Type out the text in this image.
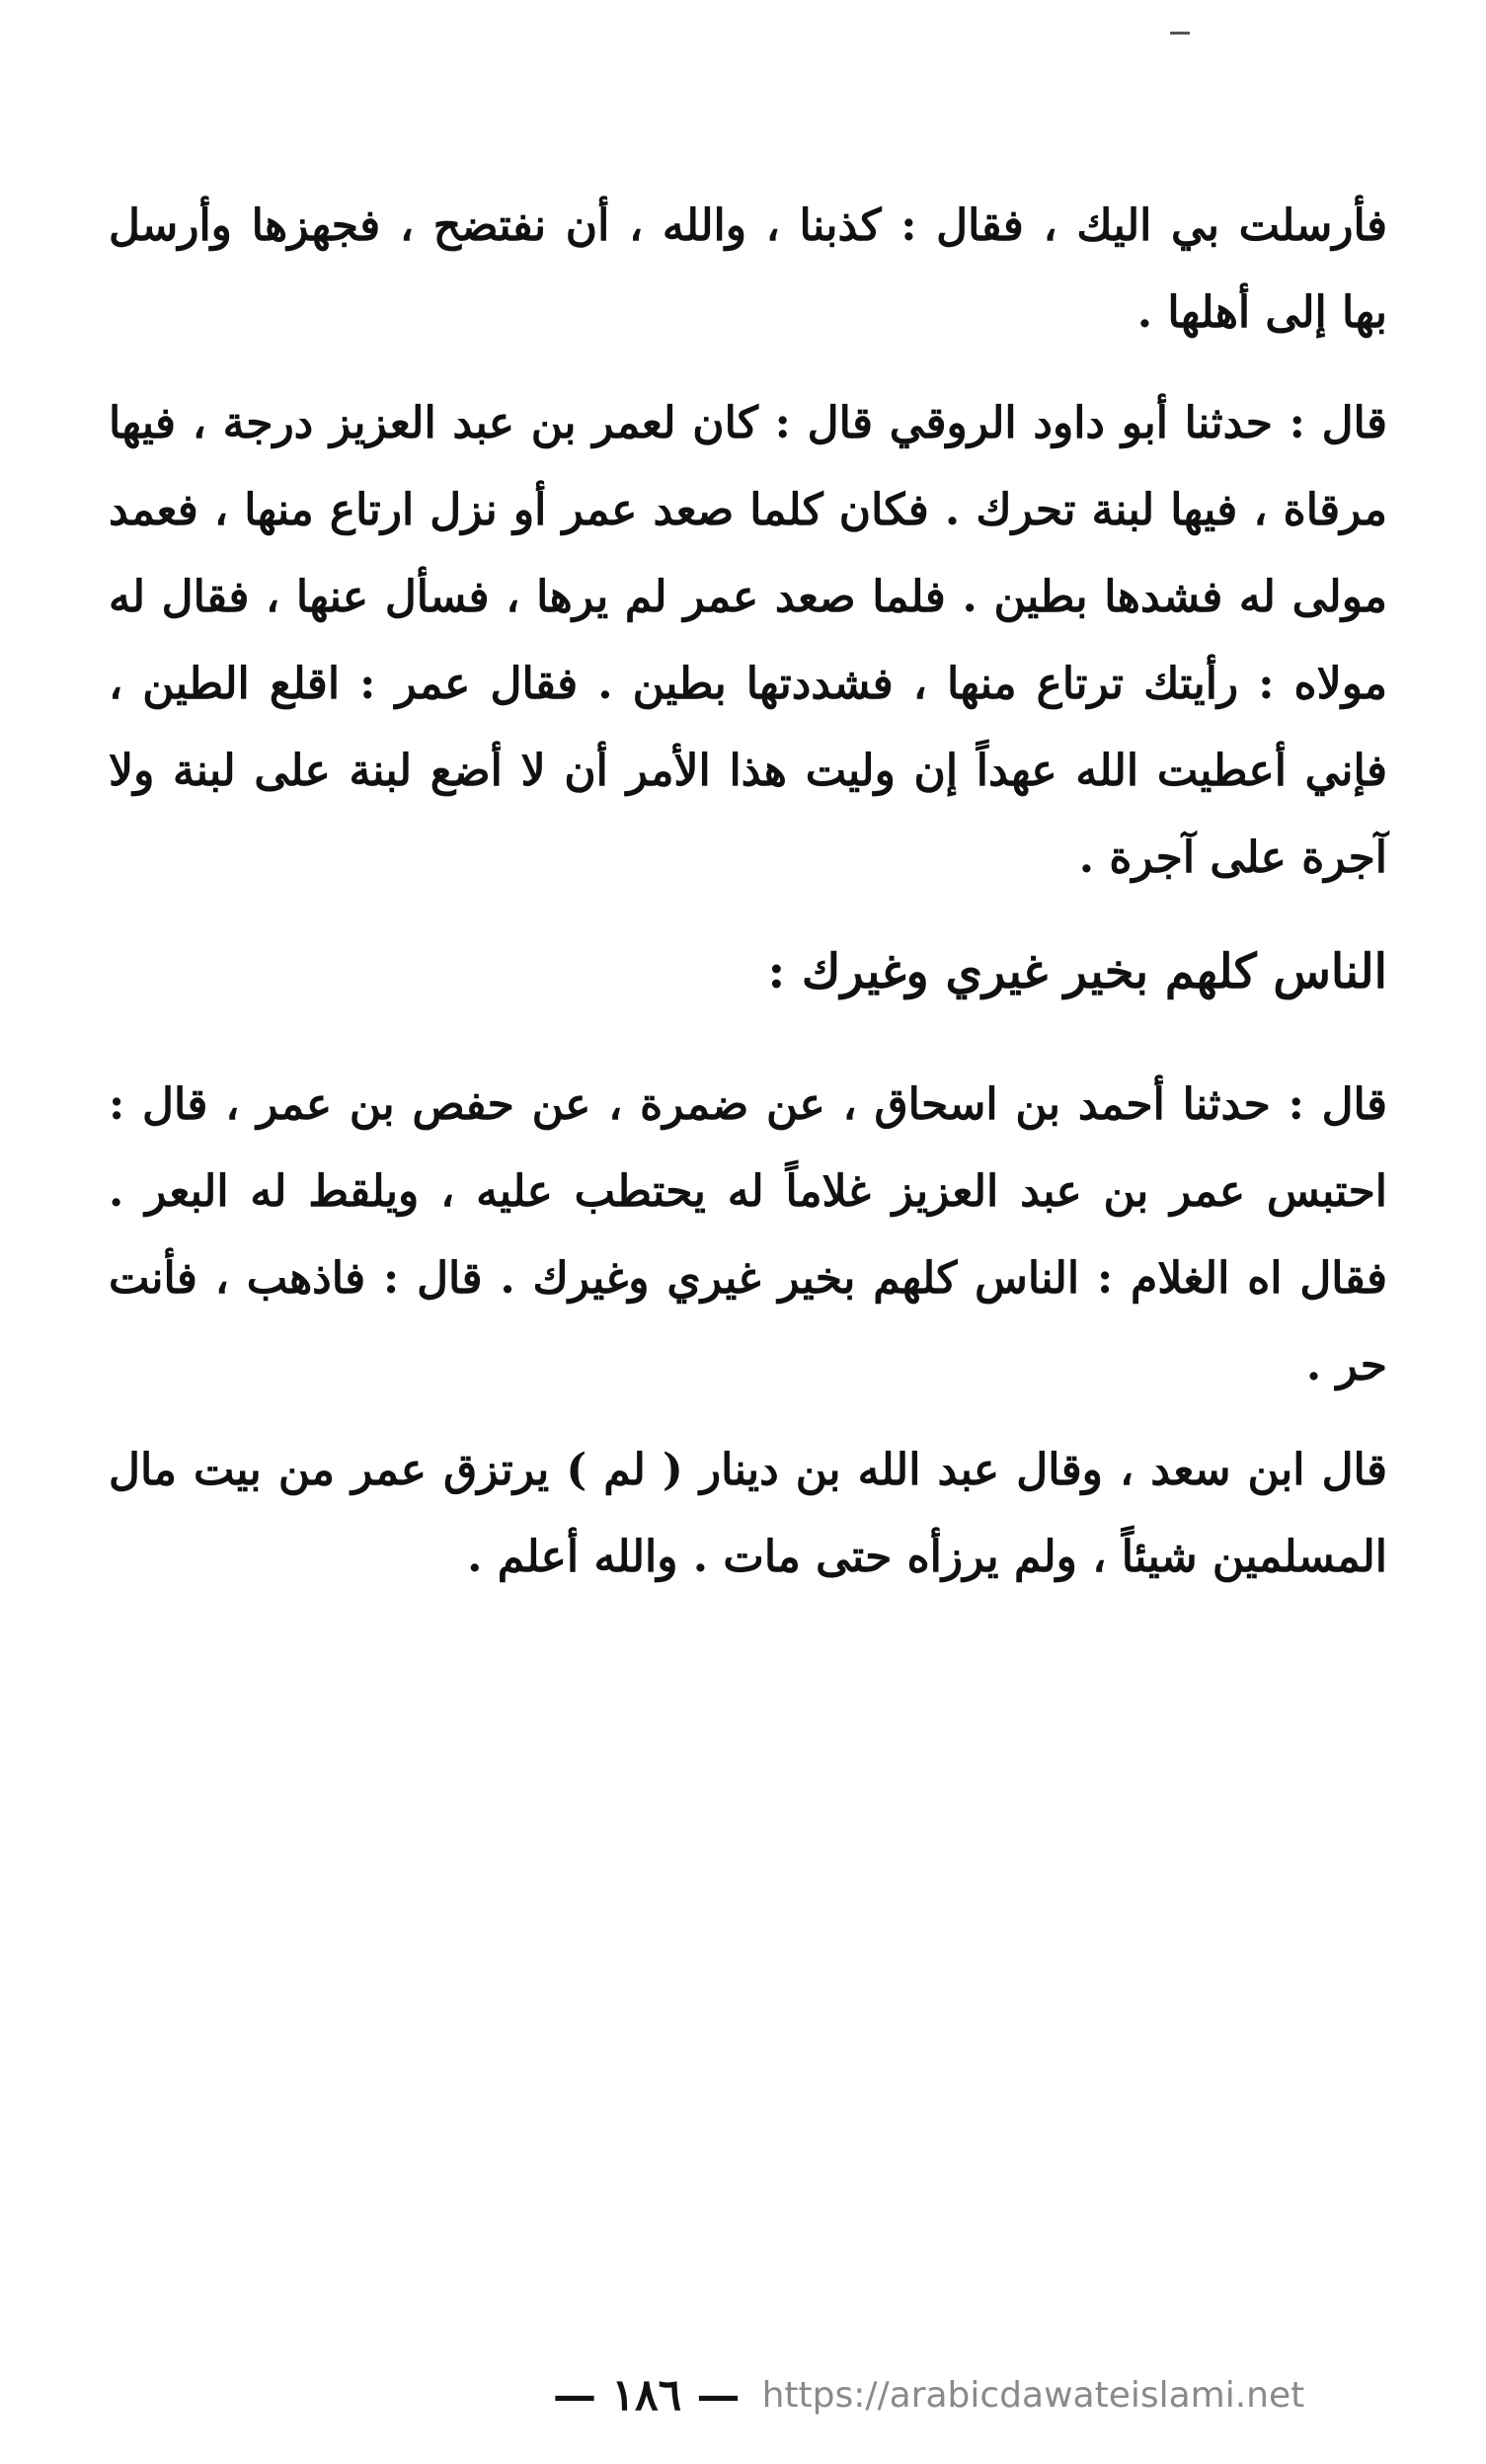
فأرسلت بي اليك ، فقال : كذبنا ، والله ، أن نفتضح ، فجهزها وأرسل بها إلى أهلها .

قال : حدثنا أبو داود الروقي قال : كان لعمر بن عبد العزيز درجة ، فيها مرقاة ، فيها لبنة تحرك . فكان كلما صعد عمر أو نزل ارتاع منها ، فعمد مولى له فشدها بطين . فلما صعد عمر لم يرها ، فسأل عنها ، فقال له مولاه : رأيتك ترتاع منها ، فشددتها بطين . فقال عمر : اقلع الطين ، فإني أعطيت الله عهداً إن وليت هذا الأمر أن لا أضع لبنة على لبنة ولا آجرة على آجرة .

الناس كلهم بخير غيري وغيرك :

قال : حدثنا أحمد بن اسحاق ، عن ضمرة ، عن حفص بن عمر ، قال : احتبس عمر بن عبد العزيز غلاماً له يحتطب عليه ، ويلقط له البعر . فقال اه الغلام : الناس كلهم بخير غيري وغيرك . قال : فاذهب ، فأنت حر .

قال ابن سعد ، وقال عبد الله بن دينار ( لم ) يرتزق عمر من بيت مال المسلمين شيئاً ، ولم يرزأه حتى مات . والله أعلم .

— ١٨٦ — https://arabicdawateislami.net
